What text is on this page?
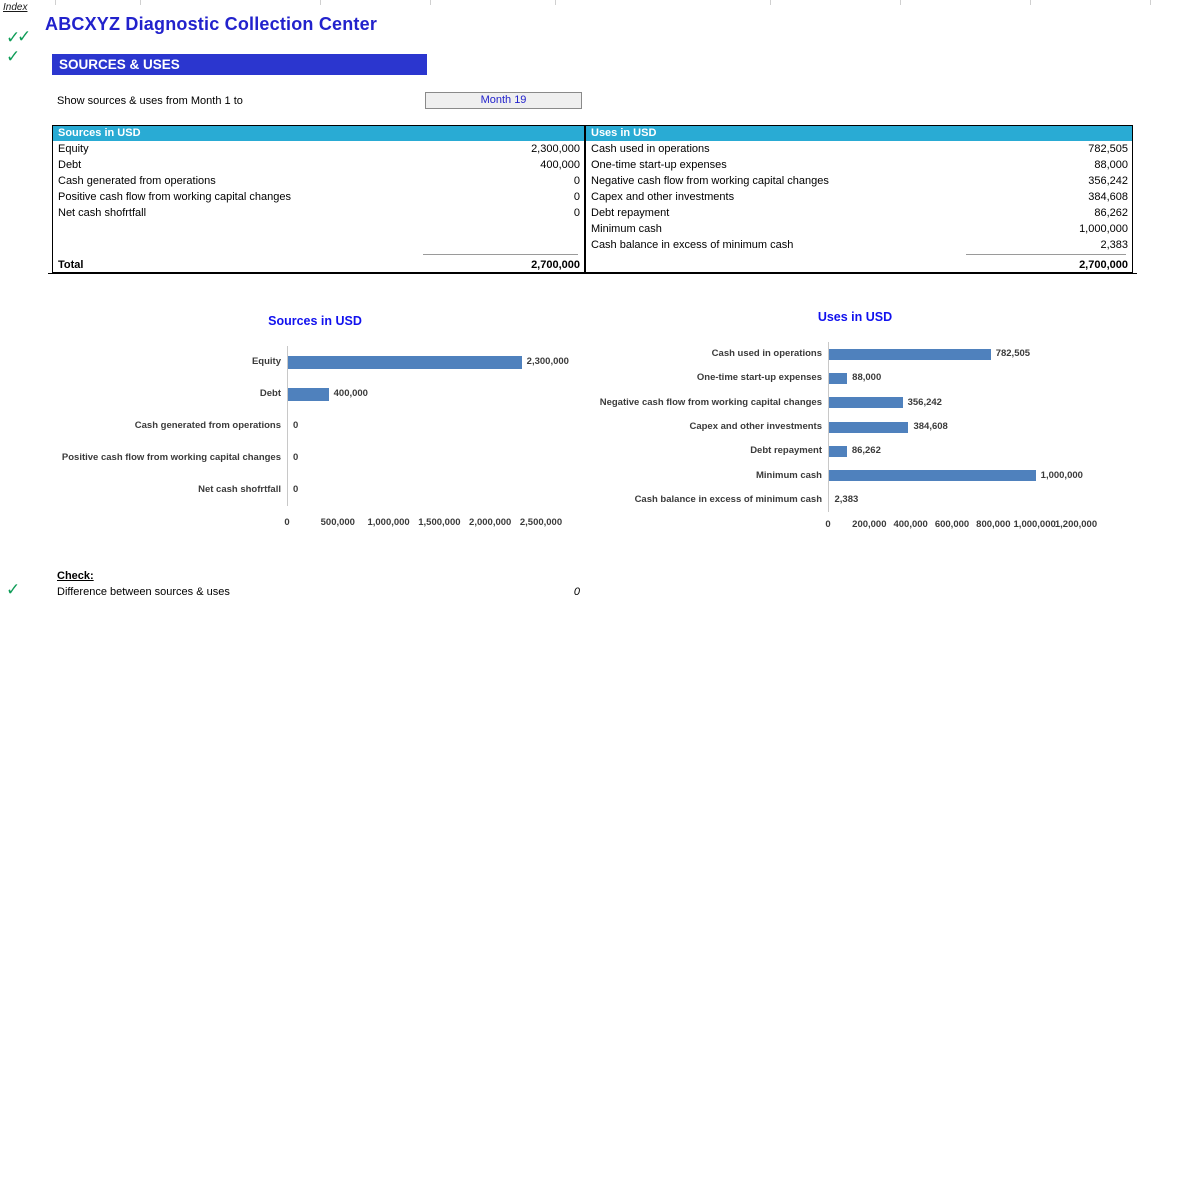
Index
ABCXYZ Diagnostic Collection Center
SOURCES & USES
Show sources & uses from Month 1 to	Month 19
Sources in USD
Equity	2,300,000
Debt	400,000
Cash generated from operations	0
Positive cash flow from working capital changes	0
Net cash shofrtfall	0
Total	2,700,000
Uses in USD
Cash used in operations	782,505
One-time start-up expenses	88,000
Negative cash flow from working capital changes	356,242
Capex and other investments	384,608
Debt repayment	86,262
Minimum cash	1,000,000
Cash balance in excess of minimum cash	2,383
2,700,000
Sources in USD
Equity	2,300,000
Debt	400,000
Cash generated from operations 0
Positive cash flow from working capital changes 0
Net cash shofrtfall 0
0	500,000	1,000,000 1,500,000 2,000,000 2,500,000
Uses in USD
Cash used in operations	782,505
One-time start-up expenses	88,000
Negative cash flow from working capital changes	356,242
Capex and other investments	384,608
Debt repayment	86,262
Minimum cash	1,000,000
Cash balance in excess of minimum cash 2,383
0	200,000 400,000 600,000 800,000 1,000,000 1,200,000
Check:
Difference between sources & uses	0
✓
✓
✓
✓
